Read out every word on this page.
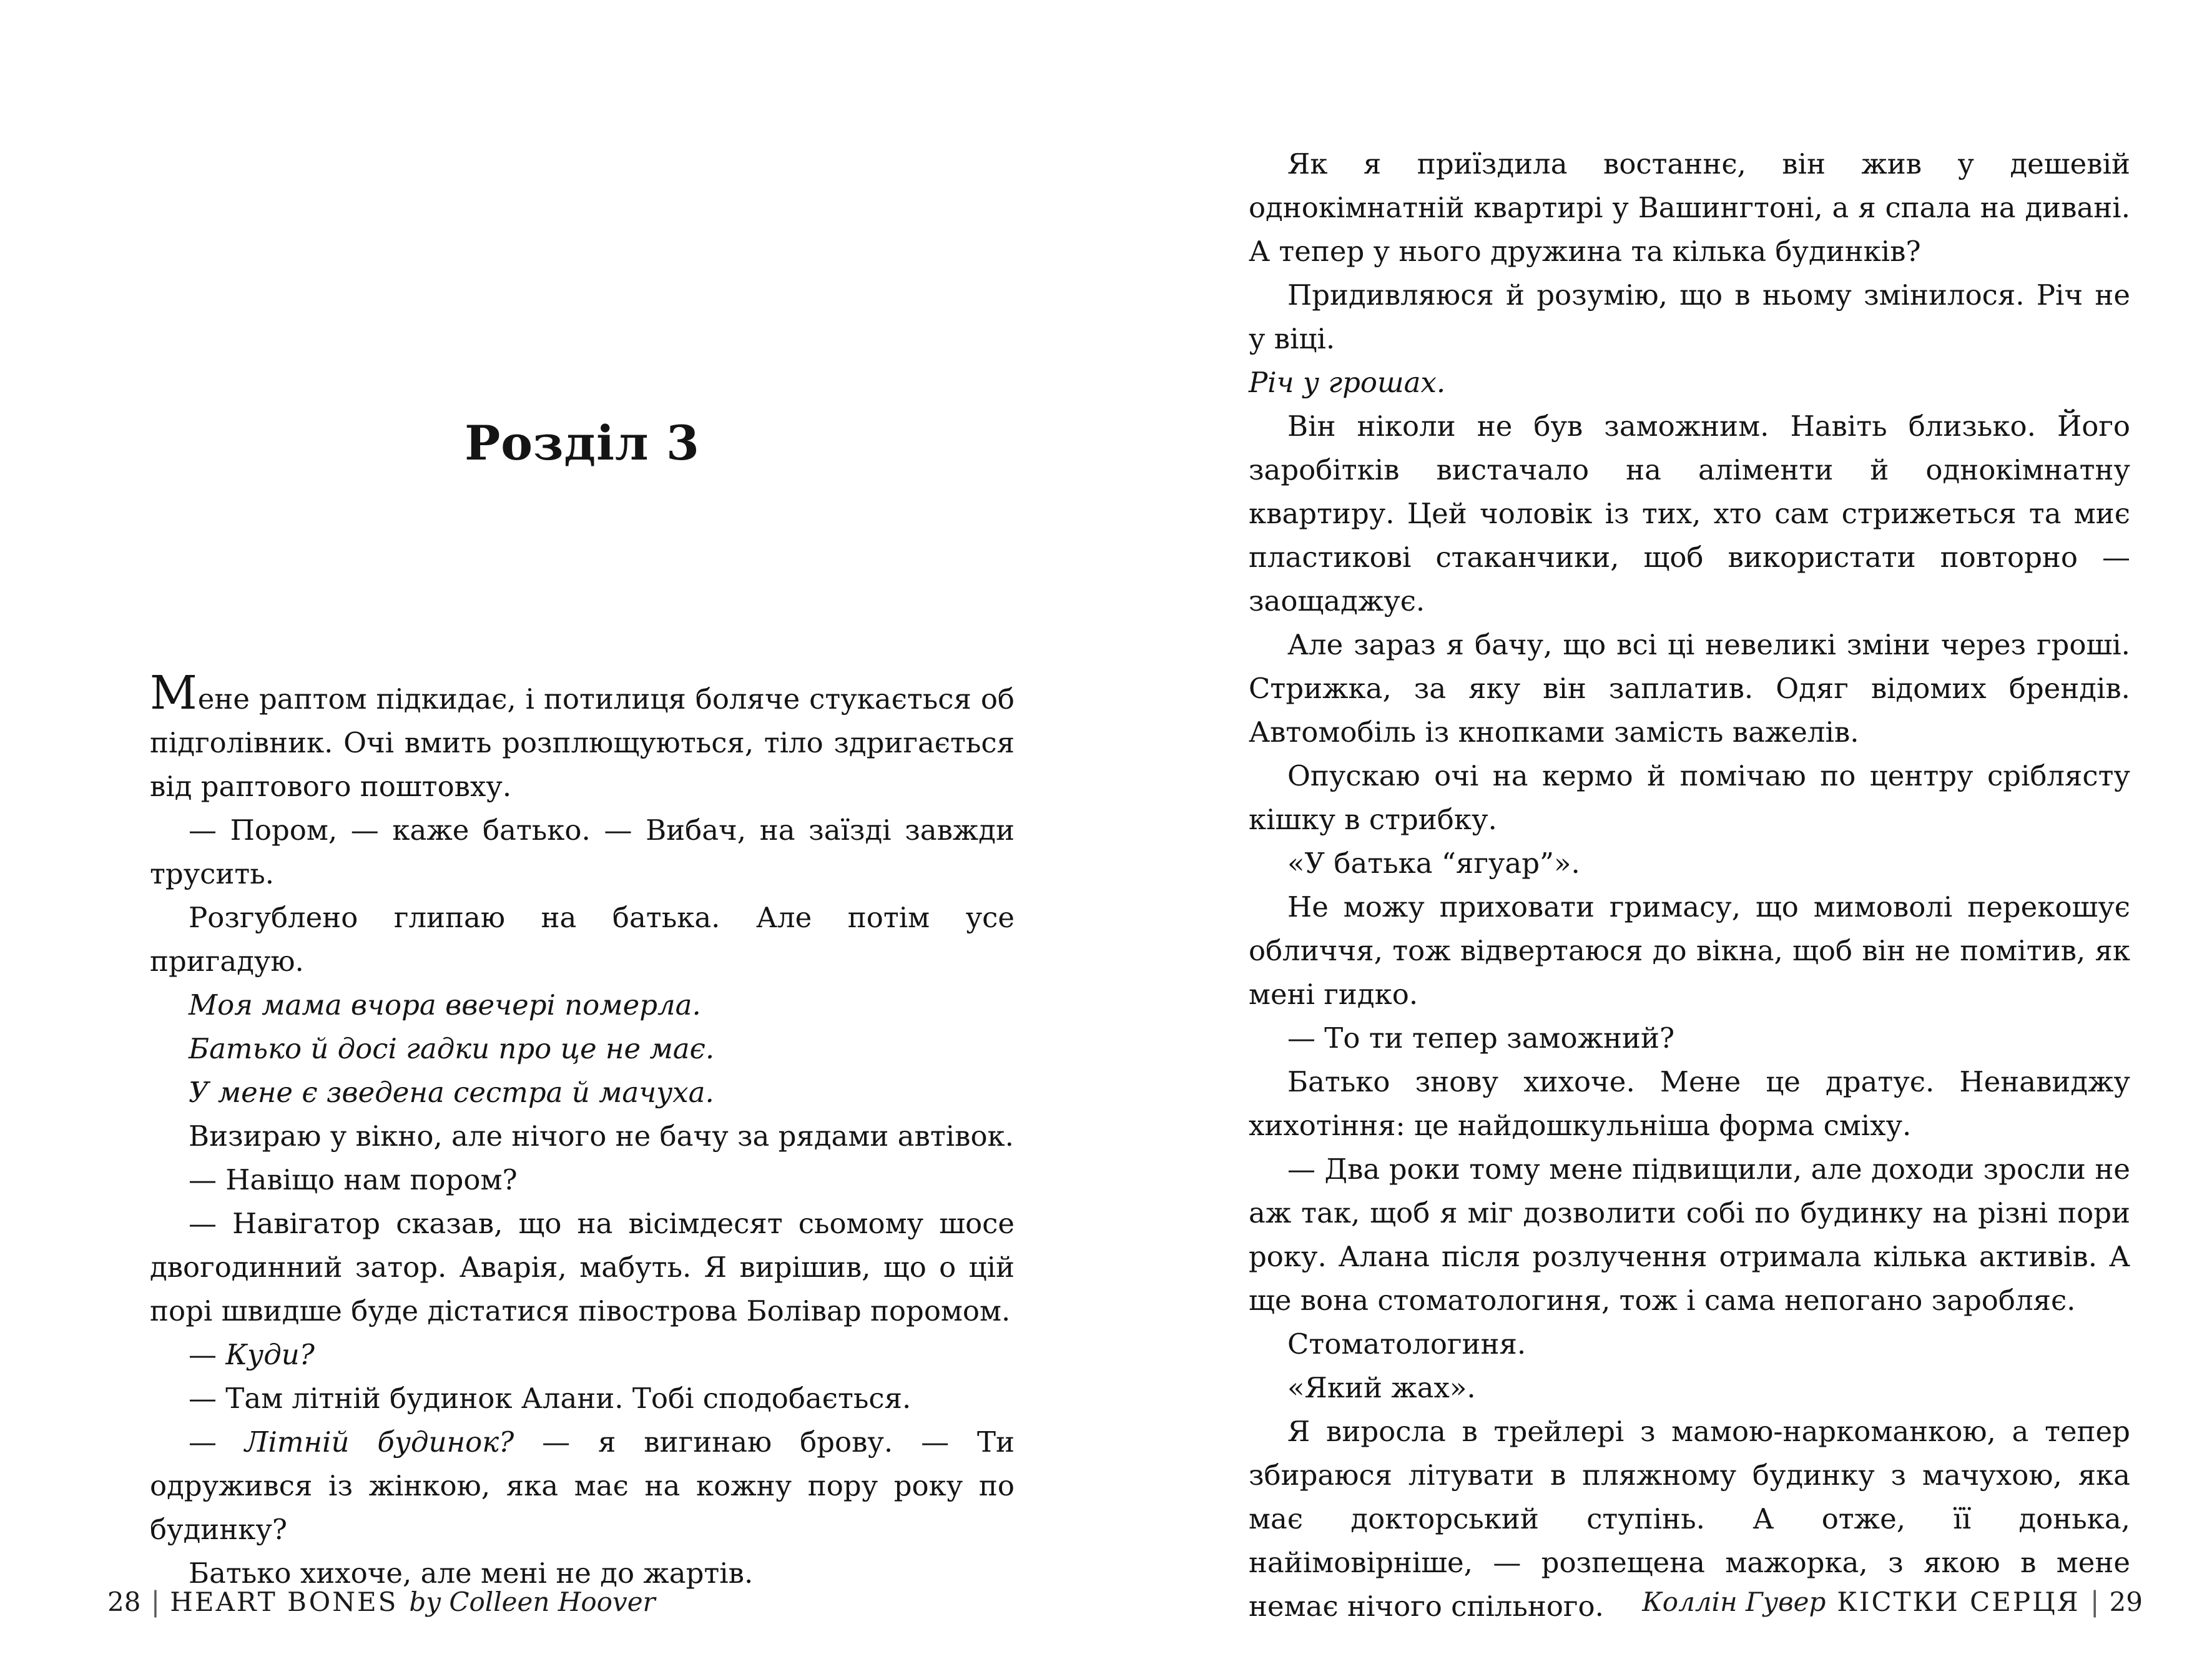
Розділ 3

Мене раптом підкидає, і потилиця боляче стукається об підголівник. Очі вмить розплющуються, тіло здригається від раптового поштовху.

— Пором, — каже батько. — Вибач, на заїзді завжди трусить.

Розгублено глипаю на батька. Але потім усе пригадую.

Моя мама вчора ввечері померла.

Батько й досі гадки про це не має.

У мене є зведена сестра й мачуха.

Визираю у вікно, але нічого не бачу за рядами автівок.

— Навіщо нам пором?

— Навігатор сказав, що на вісімдесят сьомому шосе двогодинний затор. Аварія, мабуть. Я вирішив, що о цій порі швидше буде дістатися півострова Болівар поромом.

— Куди?

— Там літній будинок Алани. Тобі сподобається.

— Літній будинок? — я вигинаю брову. — Ти одружився із жінкою, яка має на кожну пору року по будинку?

Батько хихоче, але мені не до жартів.

28 | HEART BONES by Colleen Hoover

Як я приїздила востаннє, він жив у дешевій однокімнатній квартирі у Вашингтоні, а я спала на дивані. А тепер у нього дружина та кілька будинків?

Придивляюся й розумію, що в ньому змінилося. Річ не у віці.

Річ у грошах.

Він ніколи не був заможним. Навіть близько. Його заробітків вистачало на аліменти й однокімнатну квартиру. Цей чоловік із тих, хто сам стрижеться та миє пластикові стаканчики, щоб використати повторно — заощаджує.

Але зараз я бачу, що всі ці невеликі зміни через гроші. Стрижка, за яку він заплатив. Одяг відомих брендів. Автомобіль із кнопками замість важелів.

Опускаю очі на кермо й помічаю по центру сріблясту кішку в стрибку.

«У батька “ягуар”».

Не можу приховати гримасу, що мимоволі перекошує обличчя, тож відвертаюся до вікна, щоб він не помітив, як мені гидко.

— То ти тепер заможний?

Батько знову хихоче. Мене це дратує. Ненавиджу хихотіння: це найдошкульніша форма сміху.

— Два роки тому мене підвищили, але доходи зросли не аж так, щоб я міг дозволити собі по будинку на різні пори року. Алана після розлучення отримала кілька активів. А ще вона стоматологиня, тож і сама непогано заробляє.

Стоматологиня.

«Який жах».

Я виросла в трейлері з мамою-наркоманкою, а тепер збираюся літувати в пляжному будинку з мачухою, яка має докторський ступінь. А отже, її донька, найімовірніше, — розпещена мажорка, з якою в мене немає нічого спільного.	Коллін Гувер КІСТКИ СЕРЦЯ | 29
